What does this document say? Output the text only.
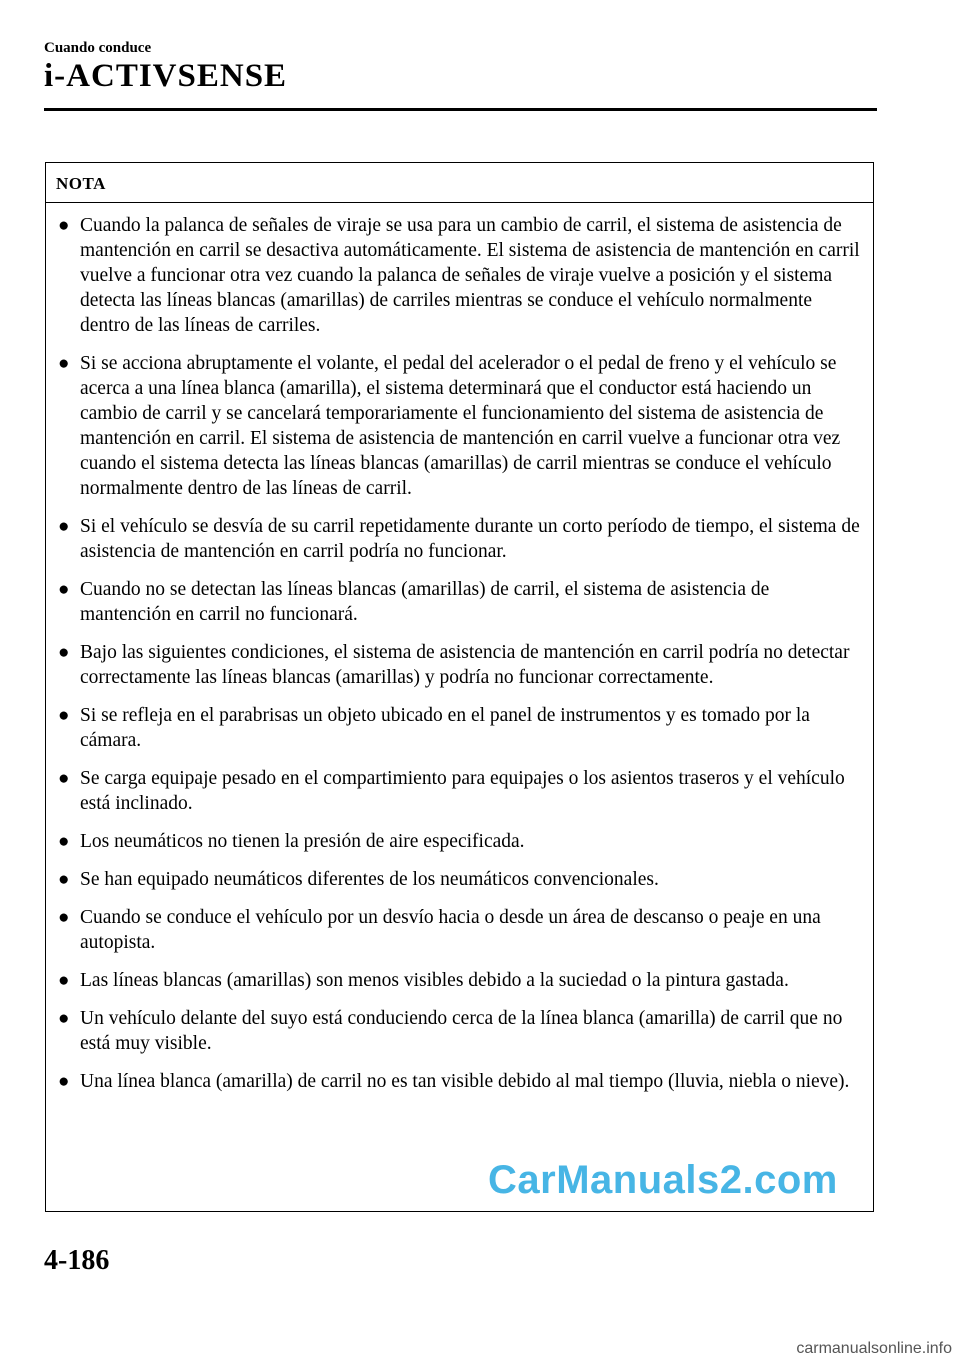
Cuando conduce
i-ACTIVSENSE
NOTA
● Cuando la palanca de señales de viraje se usa para un cambio de carril, el sistema de asistencia de mantención en carril se desactiva automáticamente. El sistema de asistencia de mantención en carril vuelve a funcionar otra vez cuando la palanca de señales de viraje vuelve a posición y el sistema detecta las líneas blancas (amarillas) de carriles mientras se conduce el vehículo normalmente dentro de las líneas de carriles.
● Si se acciona abruptamente el volante, el pedal del acelerador o el pedal de freno y el vehículo se acerca a una línea blanca (amarilla), el sistema determinará que el conductor está haciendo un cambio de carril y se cancelará temporariamente el funcionamiento del sistema de asistencia de mantención en carril. El sistema de asistencia de mantención en carril vuelve a funcionar otra vez cuando el sistema detecta las líneas blancas (amarillas) de carril mientras se conduce el vehículo normalmente dentro de las líneas de carril.
● Si el vehículo se desvía de su carril repetidamente durante un corto período de tiempo, el sistema de asistencia de mantención en carril podría no funcionar.
● Cuando no se detectan las líneas blancas (amarillas) de carril, el sistema de asistencia de mantención en carril no funcionará.
● Bajo las siguientes condiciones, el sistema de asistencia de mantención en carril podría no detectar correctamente las líneas blancas (amarillas) y podría no funcionar correctamente.
● Si se refleja en el parabrisas un objeto ubicado en el panel de instrumentos y es tomado por la cámara.
● Se carga equipaje pesado en el compartimiento para equipajes o los asientos traseros y el vehículo está inclinado.
● Los neumáticos no tienen la presión de aire especificada.
● Se han equipado neumáticos diferentes de los neumáticos convencionales.
● Cuando se conduce el vehículo por un desvío hacia o desde un área de descanso o peaje en una autopista.
● Las líneas blancas (amarillas) son menos visibles debido a la suciedad o la pintura gastada.
● Un vehículo delante del suyo está conduciendo cerca de la línea blanca (amarilla) de carril que no está muy visible.
● Una línea blanca (amarilla) de carril no es tan visible debido al mal tiempo (lluvia, niebla o nieve).
4-186
CarManuals2.com
carmanualsonline.info
